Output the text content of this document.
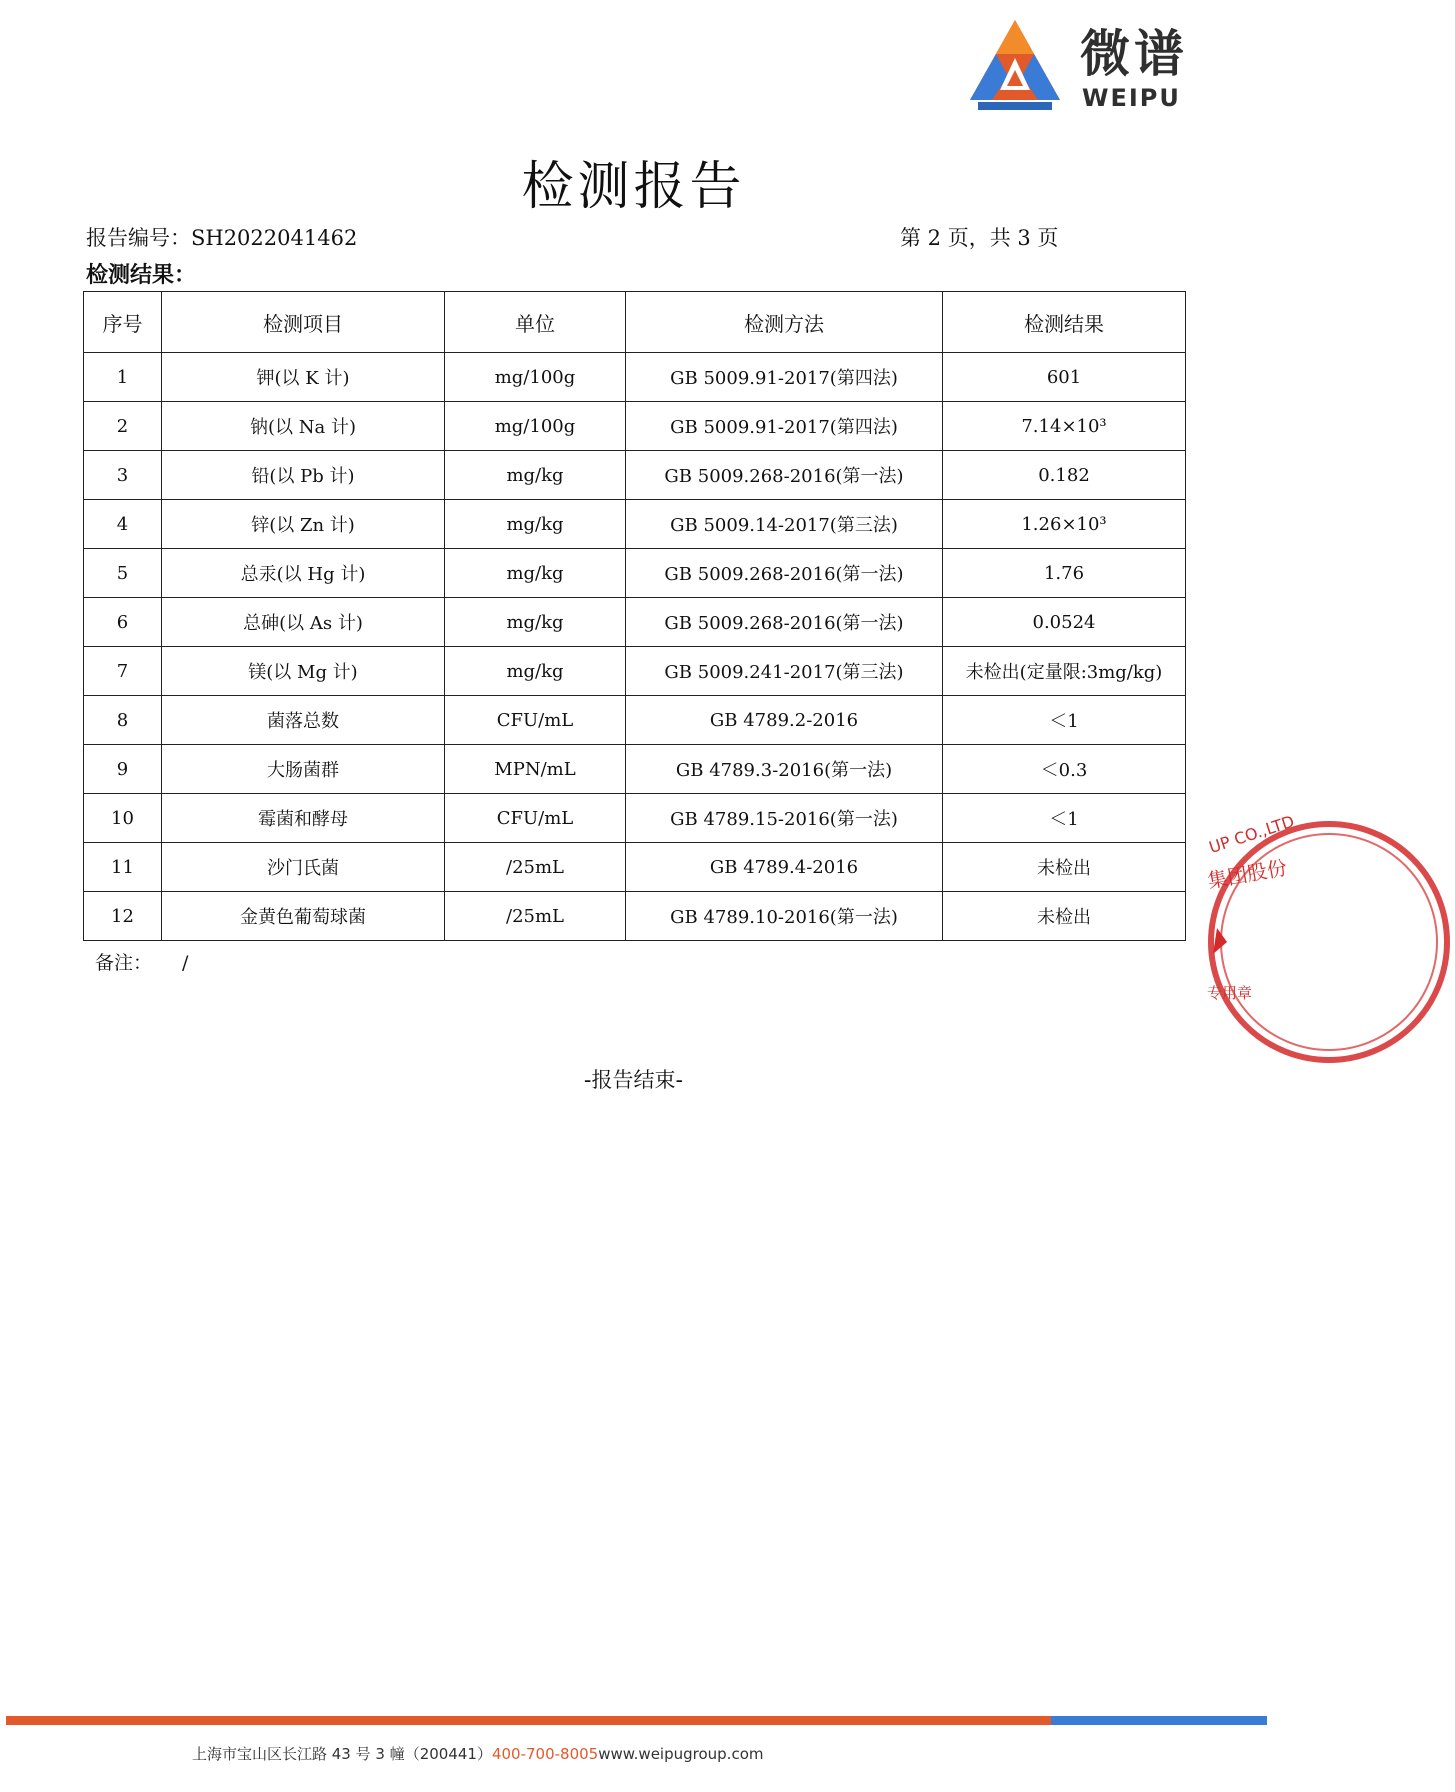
微谱
WEIPU
检测报告
报告编号：SH2022041462	第 2 页，共 3 页
检测结果：
序号	检测项目	单位	检测方法	检测结果
1	钾(以 K 计)	mg/100g	GB 5009.91-2017(第四法)	601
2	钠(以 Na 计)	mg/100g	GB 5009.91-2017(第四法)	7.14×10³
3	铅(以 Pb 计)	mg/kg	GB 5009.268-2016(第一法)	0.182
4	锌(以 Zn 计)	mg/kg	GB 5009.14-2017(第三法)	1.26×10³
5	总汞(以 Hg 计)	mg/kg	GB 5009.268-2016(第一法)	1.76
6	总砷(以 As 计)	mg/kg	GB 5009.268-2016(第一法)	0.0524
7	镁(以 Mg 计)	mg/kg	GB 5009.241-2017(第三法)	未检出(定量限:3mg/kg)
8	菌落总数	CFU/mL	GB 4789.2-2016	＜1
9	大肠菌群	MPN/mL	GB 4789.3-2016(第一法)	＜0.3
10	霉菌和酵母	CFU/mL	GB 4789.15-2016(第一法)	＜1
11	沙门氏菌	/25mL	GB 4789.4-2016	未检出
12	金黄色葡萄球菌	/25mL	GB 4789.10-2016(第一法)	未检出
备注： /
-报告结束-
UP CO.,LTD
集团股份
专用章
上海市宝山区长江路 43 号 3 幢（200441）400-700-8005www.weipugroup.com
